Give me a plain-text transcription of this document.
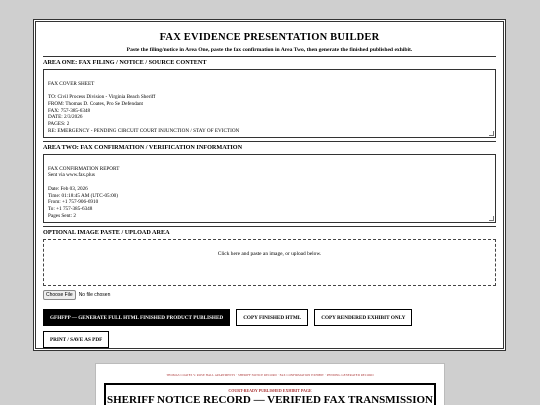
FAX EVIDENCE PRESENTATION BUILDER
Paste the filing/notice in Area One, paste the fax confirmation in Area Two, then generate the finished published exhibit.
AREA ONE: FAX FILING / NOTICE / SOURCE CONTENT

FAX COVER SHEET

TO: Civil Process Division - Virginia Beach Sheriff
FROM: Thomas D. Coates, Pro Se Defendant
FAX: 757-385-6348
DATE: 2/3/2026
PAGES: 2
RE: EMERGENCY - PENDING CIRCUIT COURT INJUNCTION / STAY OF EVICTION

AREA TWO: FAX CONFIRMATION / VERIFICATION INFORMATION

FAX CONFIRMATION REPORT
Sent via www.fax.plus

Date: Feb 03, 2026
Time: 01:18:45 AM (UTC-05:00)
From: +1 757-906-6910
To: +1 757-385-6348
Pages Sent: 2

OPTIONAL IMAGE PASTE / UPLOAD AREA
Click here and paste an image, or upload below.
Choose File	No file chosen
GFHFPP — GENERATE FULL HTML FINISHED PRODUCT PUBLISHED	COPY FINISHED HTML	COPY RENDERED EXHIBIT ONLY
PRINT / SAVE AS PDF
THOMAS COATES V. ROSE HALL APARTMENTS · SHERIFF NOTICE RECORD · FAX CONFIRMATION EXHIBIT · PENDING GENERATED RECORD
COURT-READY PUBLISHED EXHIBIT PAGE
SHERIFF NOTICE RECORD — VERIFIED FAX TRANSMISSION
